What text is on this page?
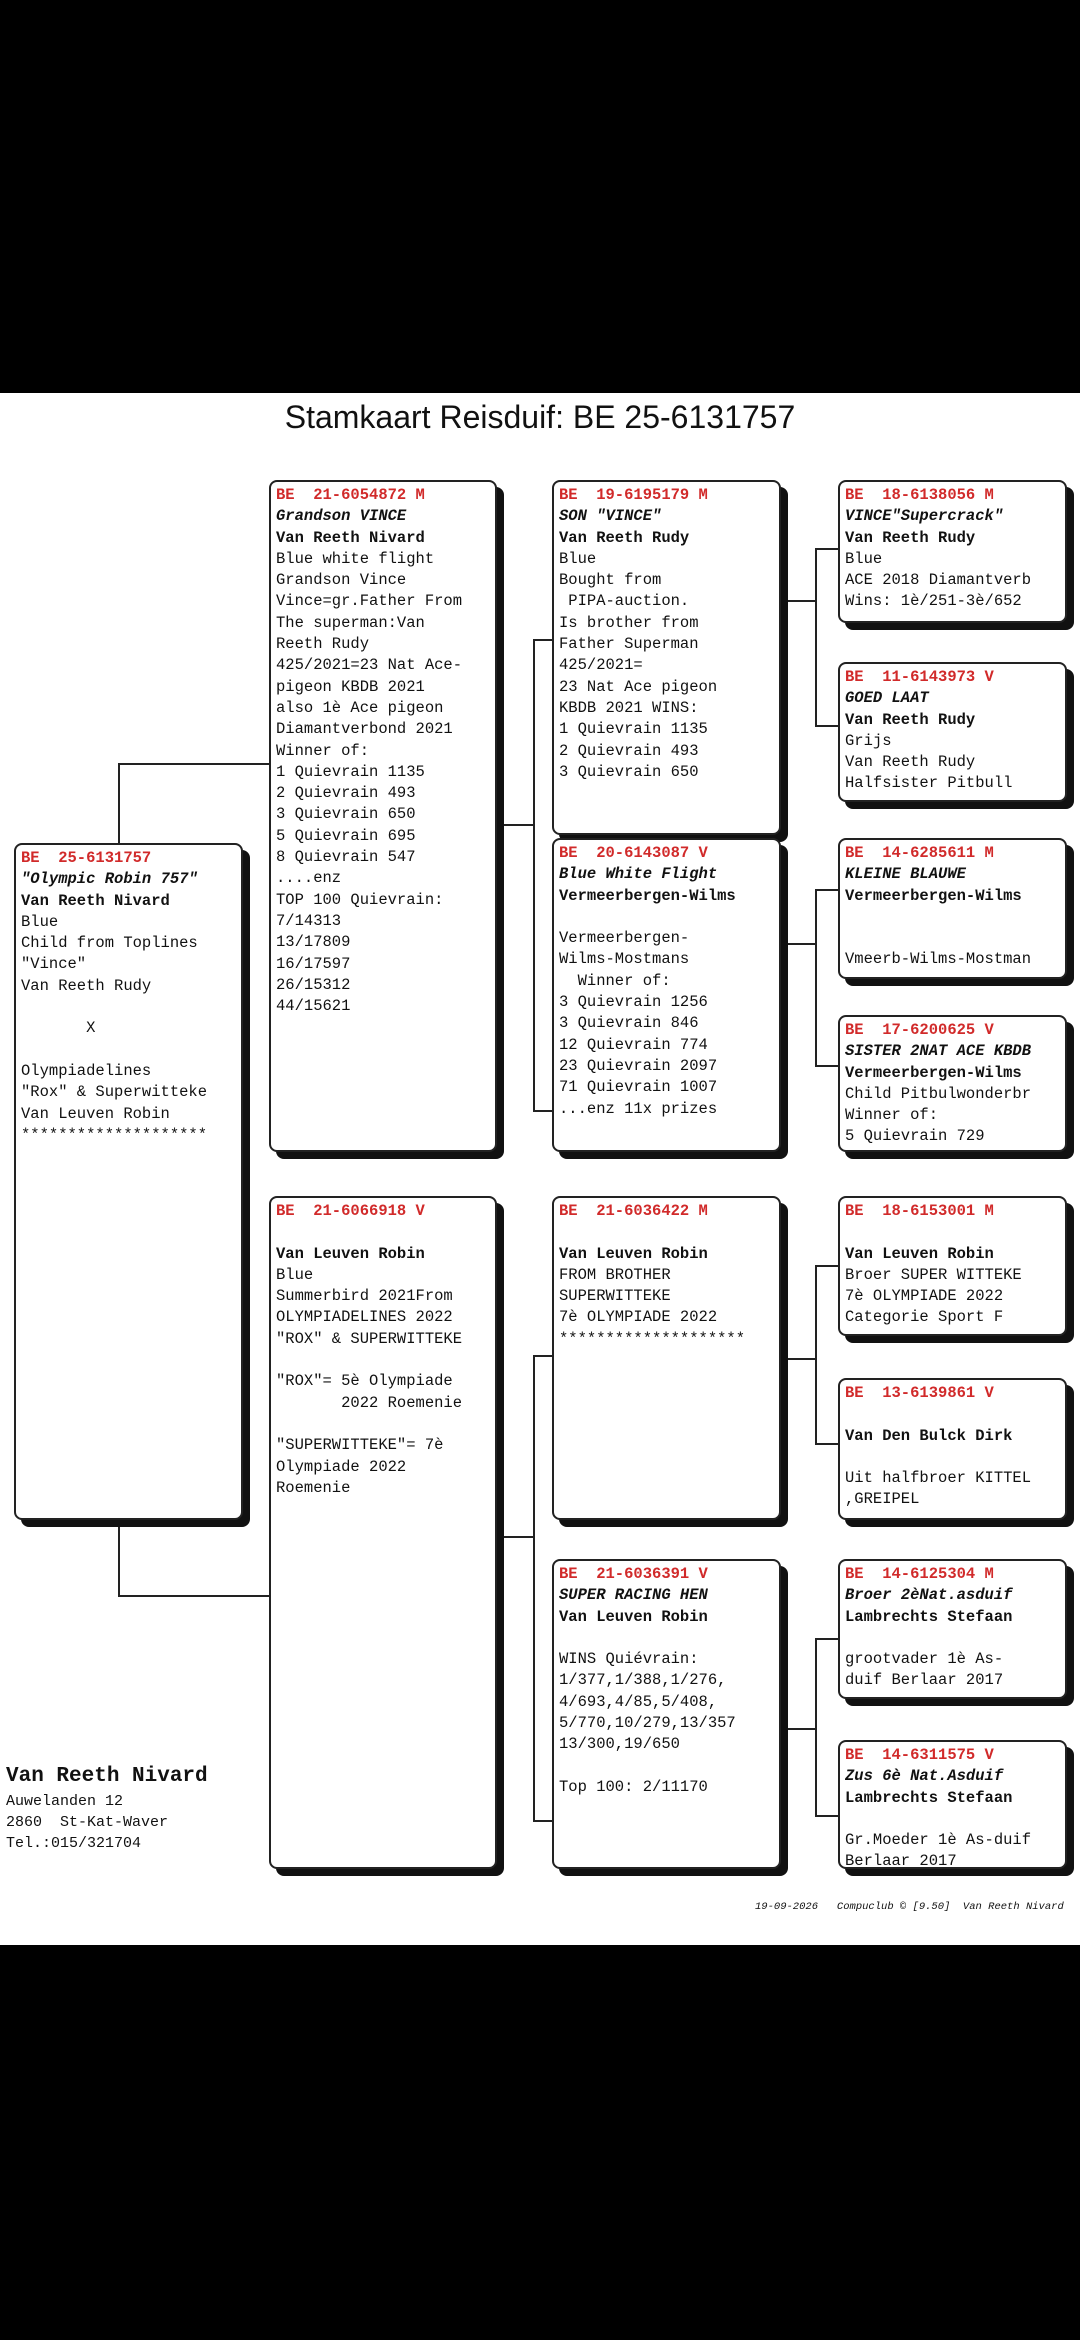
Stamkaart Reisduif: BE 25-6131757
BE  25-6131757
"Olympic Robin 757"
Van Reeth Nivard
Blue
Child from Toplines
"Vince"
Van Reeth Rudy
X
Olympiadelines
"Rox" & Superwitteke
Van Leuven Robin
********************
BE  21-6054872 M
Grandson VINCE
Van Reeth Nivard
Blue white flight
Grandson Vince
Vince=gr.Father From
The superman:Van
Reeth Rudy
425/2021=23 Nat Ace-
pigeon KBDB 2021
also 1è Ace pigeon
Diamantverbond 2021
Winner of:
1 Quievrain 1135
2 Quievrain 493
3 Quievrain 650
5 Quievrain 695
8 Quievrain 547
....enz
TOP 100 Quievrain:
7/14313
13/17809
16/17597
26/15312
44/15621
BE  21-6066918 V
Van Leuven Robin
Blue
Summerbird 2021From
OLYMPIADELINES 2022
"ROX" & SUPERWITTEKE
"ROX"= 5è Olympiade
2022 Roemenie
"SUPERWITTEKE"= 7è
Olympiade 2022
Roemenie
BE  19-6195179 M
SON "VINCE"
Van Reeth Rudy
Blue
Bought from
PIPA-auction.
Is brother from
Father Superman
425/2021=
23 Nat Ace pigeon
KBDB 2021 WINS:
1 Quievrain 1135
2 Quievrain 493
3 Quievrain 650
BE  20-6143087 V
Blue White Flight
Vermeerbergen-Wilms
Vermeerbergen-
Wilms-Mostmans
Winner of:
3 Quievrain 1256
3 Quievrain 846
12 Quievrain 774
23 Quievrain 2097
71 Quievrain 1007
...enz 11x prizes
BE  21-6036422 M
Van Leuven Robin
FROM BROTHER
SUPERWITTEKE
7è OLYMPIADE 2022
********************
BE  21-6036391 V
SUPER RACING HEN
Van Leuven Robin
WINS Quiévrain:
1/377,1/388,1/276,
4/693,4/85,5/408,
5/770,10/279,13/357
13/300,19/650
Top 100: 2/11170
BE  18-6138056 M
VINCE"Supercrack"
Van Reeth Rudy
Blue
ACE 2018 Diamantverb
Wins: 1è/251-3è/652
BE  11-6143973 V
GOED LAAT
Van Reeth Rudy
Grijs
Van Reeth Rudy
Halfsister Pitbull
BE  14-6285611 M
KLEINE BLAUWE
Vermeerbergen-Wilms
Vmeerb-Wilms-Mostman
BE  17-6200625 V
SISTER 2NAT ACE KBDB
Vermeerbergen-Wilms
Child Pitbulwonderbr
Winner of:
5 Quievrain 729
BE  18-6153001 M
Van Leuven Robin
Broer SUPER WITTEKE
7è OLYMPIADE 2022
Categorie Sport F
BE  13-6139861 V
Van Den Bulck Dirk
Uit halfbroer KITTEL
,GREIPEL
BE  14-6125304 M
Broer 2èNat.asduif
Lambrechts Stefaan
grootvader 1è As-
duif Berlaar 2017
BE  14-6311575 V
Zus 6è Nat.Asduif
Lambrechts Stefaan
Gr.Moeder 1è As-duif
Berlaar 2017
Van Reeth Nivard
Auwelanden 12
2860  St-Kat-Waver
Tel.:015/321704
19-09-2026   Compuclub © [9.50]  Van Reeth Nivard
